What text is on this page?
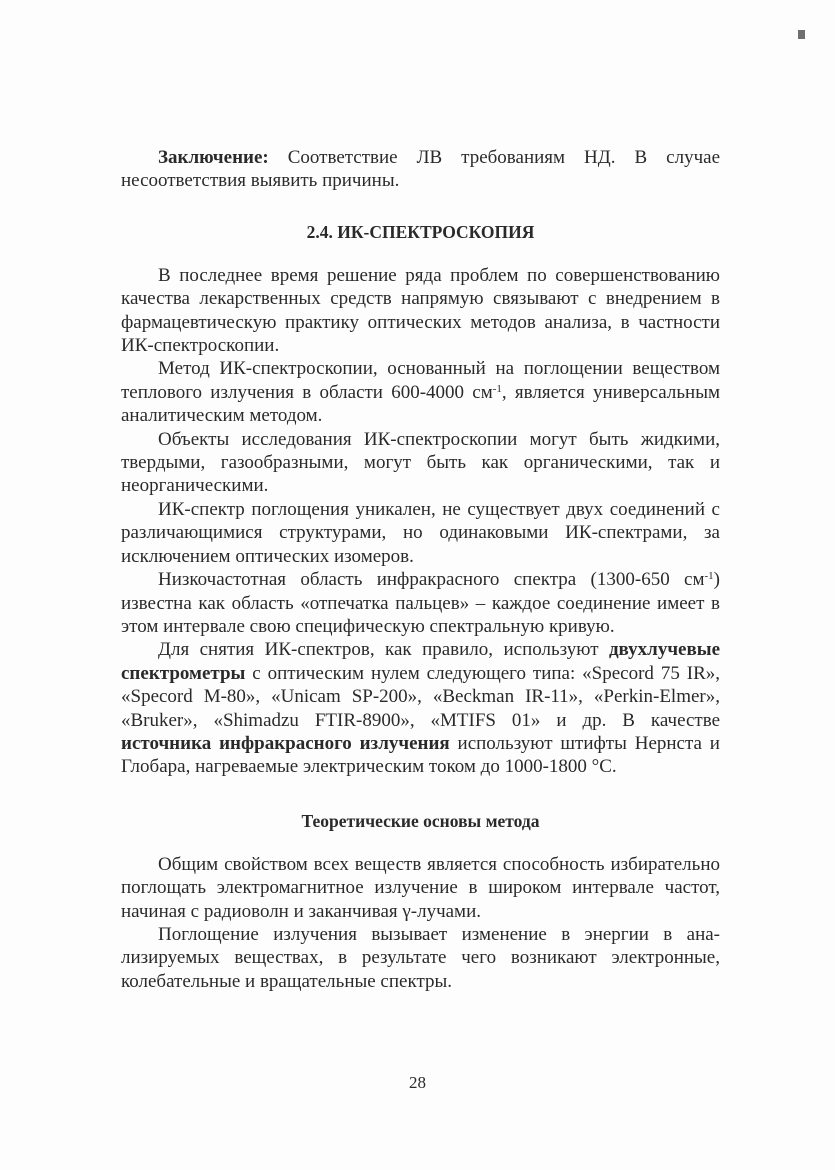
Заключение: Соответствие ЛВ требованиям НД. В случае несоответствия выявить причины.

2.4. ИК-СПЕКТРОСКОПИЯ

В последнее время решение ряда проблем по совершенствованию качества лекарственных средств напрямую связывают с внедрением в фармацевтическую практику оптических методов анализа, в частности ИК-спектроскопии.

Метод ИК-спектроскопии, основанный на поглощении веществом теплового излучения в области 600-4000 $см^{-1}$, является универсальным аналитическим методом.

Объекты исследования ИК-спектроскопии могут быть жидкими, твердыми, газообразными, могут быть как органическими, так и неорганическими.

ИК-спектр поглощения уникален, не существует двух соединений с различающимися структурами, но одинаковыми ИК-спектрами, за исключением оптических изомеров.

Низкочастотная область инфракрасного спектра (1300-650 $см^{-1}$) известна как область «отпечатка пальцев» – каждое соединение имеет в этом интервале свою специфическую спектральную кривую.

Для снятия ИК-спектров, как правило, используют двухлучевые спектрометры с оптическим нулем следующего типа: «Specord 75 IR», «Specord M-80», «Unicam SP-200», «Beckman IR-11», «Perkin-Elmer», «Bruker», «Shimadzu FTIR-8900», «MTIFS 01» и др. В качестве источника инфракрасного излучения используют штифты Нернста и Глобара, нагреваемые электрическим током до 1000-1800 °С.

Теоретические основы метода

Общим свойством всех веществ является способность избирательно поглощать электромагнитное излучение в широком интервале частот, начиная с радиоволн и заканчивая γ-лучами.

Поглощение излучения вызывает изменение в энергии в анализируемых веществах, в результате чего возникают электронные, колебательные и вращательные спектры.

28
